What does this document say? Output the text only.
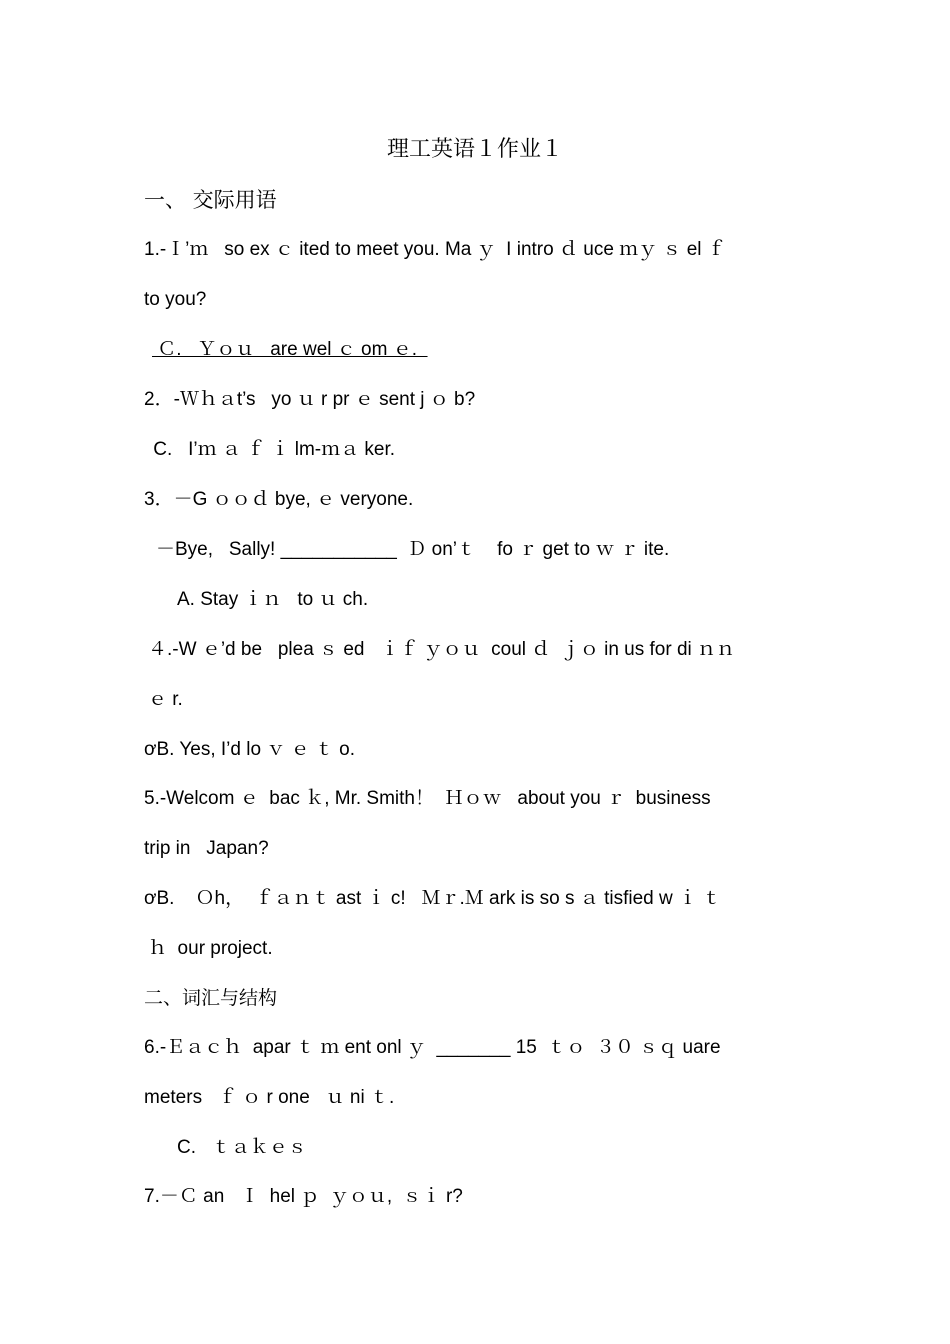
理工英语１作业１
一、 交际用语
1.-Ｉ’ｍ   so ex ｃ ited to meet you. Ma ｙ  I intro ｄ uce ｍｙ ｓ el ｆ
to you?
Ｃ.   Ｙｏｕ   are wel ｃ om ｅ.
2．-Ｗｈａt’s   yo ｕ r pr ｅ sent j ｏ b?
C.   I’ｍ ａ ｆ ｉ lm-ｍａ ker.
3．－G ｏｏｄ bye, ｅ veryone.
－Bye,   Sally! ___________  Ｄ on’ｔ    fo ｒ get to ｗ ｒ ite.
A. Stay ｉｎ   to ｕ ch.
４.-W ｅ’d be   plea ｓ ed   ｉｆ ｙｏｕ  coul ｄ  ｊｏ in us for di ｎｎ
ｅ r.
ơB. Yes, I’d lo ｖ ｅ ｔ o.
5.-Welcom ｅ  bac ｋ, Mr. Smith！  Ｈｏｗ   about you ｒ  business
trip in   Japan?
ơB.    Ｏh，  ｆａｎｔ ast ｉ c!   Ｍｒ.Ｍ ark is so s ａ tisfied w ｉ ｔ
ｈ  our project.
二、词汇与结构
6.-Ｅａｃｈ  apar ｔ ｍ ent onl ｙ  _______ 15  ｔｏ  ３０ ｓｑ uare
meters   ｆ ｏ r one   ｕ ni ｔ.
C.   ｔａｋｅｓ
7.－Ｃ an   Ｉ  hel ｐ  ｙｏｕ,  ｓｉ r?
